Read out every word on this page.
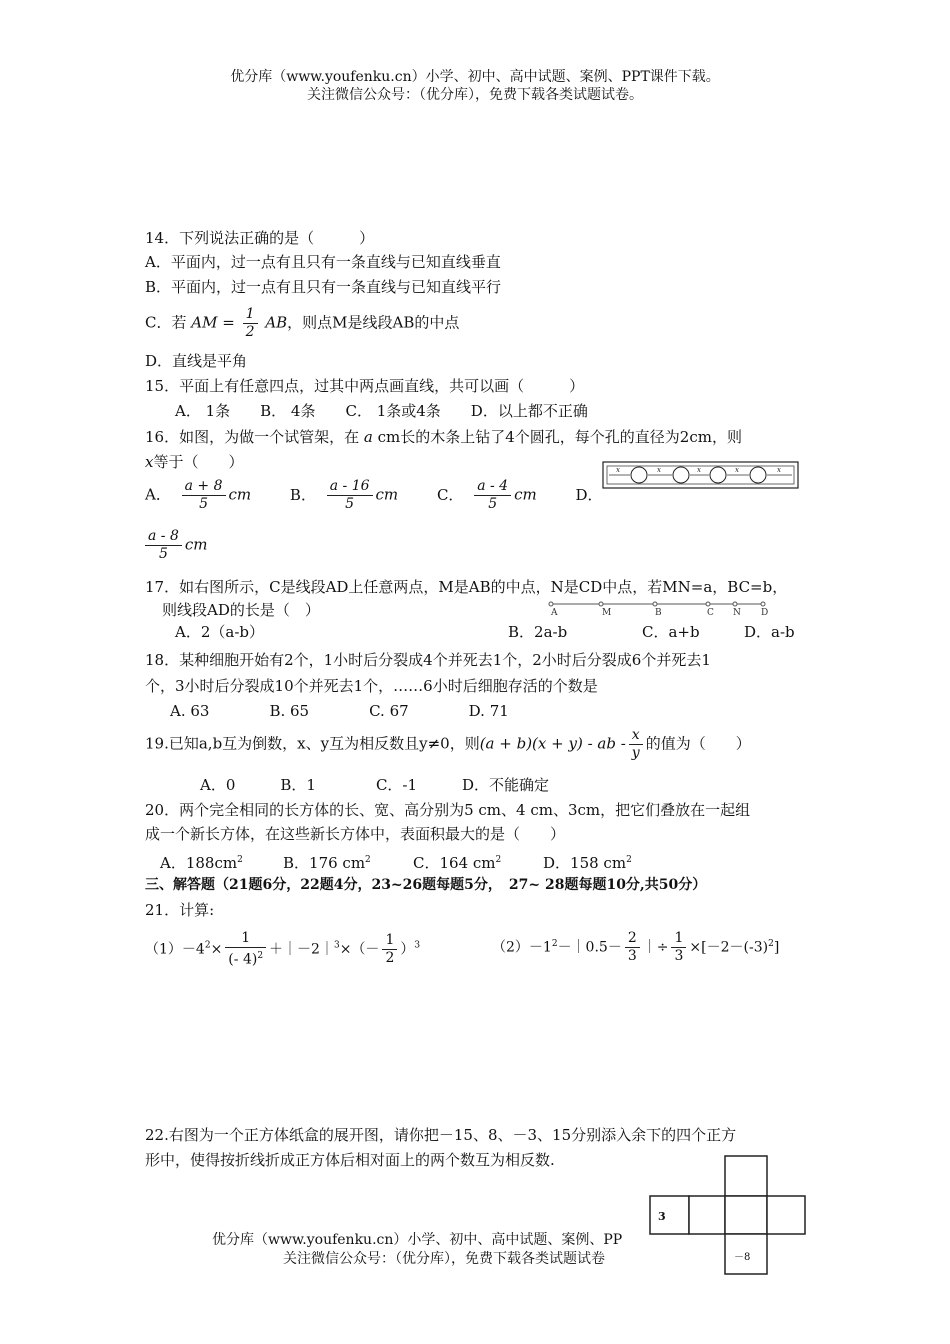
优分库（www.youfenku.cn）小学、初中、高中试题、案例、PPT课件下载。
关注微信公众号：（优分库），免费下载各类试题试卷。
14．下列说法正确的是（　　　）
A．平面内，过一点有且只有一条直线与已知直线垂直
B．平面内，过一点有且只有一条直线与已知直线平行
C．若 AM = $\frac{1}{2}$ AB，则点M是线段AB的中点
D．直线是平角
15．平面上有任意四点，过其中两点画直线，共可以画（　　　）
A． 1条　　B． 4条　　C． 1条或4条　　D．以上都不正确
16．如图，为做一个试管架，在 a cm长的木条上钻了4个圆孔，每个孔的直径为2cm，则
x等于（　　）	x	x	x	x	x
A． $\frac{a + 8}{5}$ cm	B． $\frac{a - 16}{5}$ cm	C． $\frac{a - 4}{5}$ cm	D．
$\frac{a - 8}{5}$ cm
17．如右图所示，C是线段AD上任意两点，M是AB的中点，N是CD中点，若MN=a，BC=b，
则线段AD的长是（　）	A	M	B	C N D
A．2（a-b）	B．2a-b	C．a+b	D．a-b
18．某种细胞开始有2个，1小时后分裂成4个并死去1个，2小时后分裂成6个并死去1
个，3小时后分裂成10个并死去1个，……6小时后细胞存活的个数是
A. 63　　　　B. 65　　　　C. 67　　　　D. 71
19.已知a,b互为倒数，x、y互为相反数且y≠0，则(a + b)(x + y) - ab - $\frac{x}{y}$ 的值为（　　）
A．0　　　B．1　　　　C．-1　　　D．不能确定
20．两个完全相同的长方体的长、宽、高分别为5 cm、4 cm、3cm，把它们叠放在一起组
成一个新长方体，在这些新长方体中，表面积最大的是（　　）
A．$188cm^2$	B．176 $cm^2$	C．164 $cm^2$	D．158 $cm^2$
三、解答题（21题6分，22题4分，23~26题每题5分，　27~ 28题每题10分,共50分）
21．计算:
$(1)-4^2\times \frac{1}{(- 4)^2}$ ＋｜－2｜$^3$×（－ $\frac{1}{2} )^3$	$(2)-1^2-|0.5- \frac{2}{3}$ ｜÷ $\frac{1}{3} \times[-2-(-3)^2]$
22.右图为一个正方体纸盒的展开图，请你把－15、8、－3、15分别添入余下的四个正方
形中，使得按折线折成正方体后相对面上的两个数互为相反数.
3
－8
优分库（www.youfenku.cn）小学、初中、高中试题、案例、PP
关注微信公众号：（优分库），免费下载各类试题试卷
